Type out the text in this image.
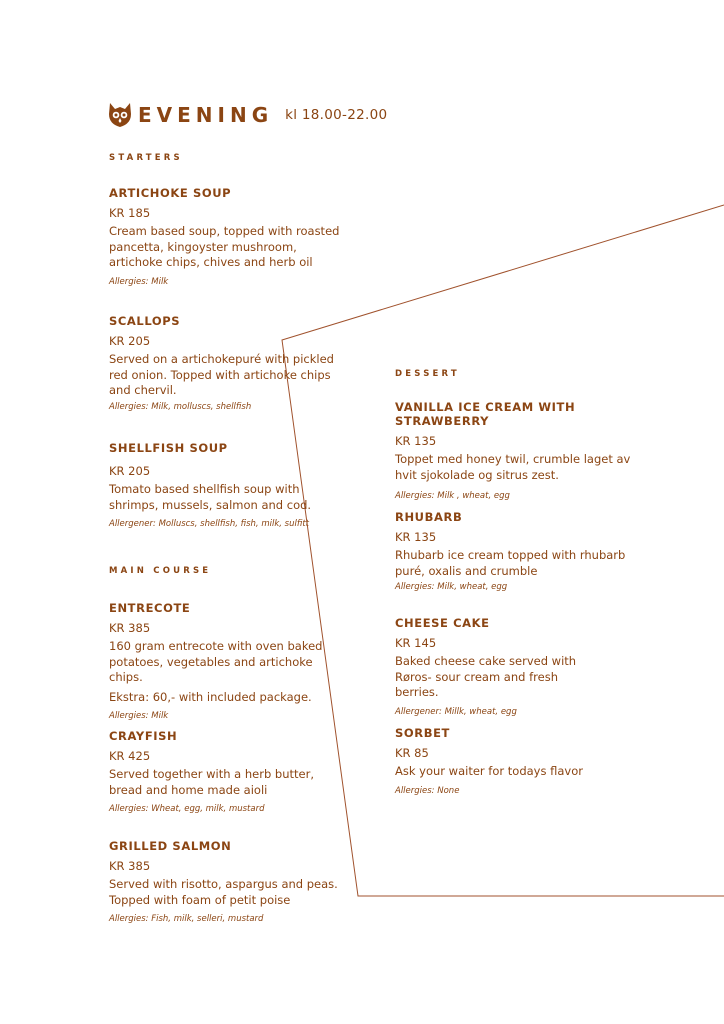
EVENING kl 18.00-22.00
STARTERS
ARTICHOKE SOUP
KR 185
Cream based soup, topped with roasted pancetta, kingoyster mushroom, artichoke chips, chives and herb oil
Allergies: Milk
SCALLOPS
KR 205
Served on a artichokepuré with pickled red onion. Topped with artichoke chips and chervil.
Allergies: Milk, molluscs, shellfish
SHELLFISH SOUP
KR 205
Tomato based shellfish soup with shrimps, mussels, salmon and cod.
Allergener: Molluscs, shellfish, fish, milk, sulfitt
MAIN COURSE
ENTRECOTE
KR 385
160 gram entrecote with oven baked potatoes, vegetables and artichoke chips.
Ekstra: 60,- with included package.
Allergies: Milk
CRAYFISH
KR 425
Served together with a herb butter, bread and home made aioli
Allergies: Wheat, egg, milk, mustard
GRILLED SALMON
KR 385
Served with risotto, aspargus and peas. Topped with foam of petit poise
Allergies: Fish, milk, selleri, mustard
DESSERT
VANILLA ICE CREAM WITH STRAWBERRY
KR 135
Toppet med honey twil, crumble laget av hvit sjokolade og sitrus zest.
Allergies: Milk , wheat, egg
RHUBARB
KR 135
Rhubarb ice cream topped with rhubarb puré, oxalis and crumble
Allergies: Milk, wheat, egg
CHEESE CAKE
KR 145
Baked cheese cake served with Røros- sour cream and fresh berries.
Allergener: Millk, wheat, egg
SORBET
KR 85
Ask your waiter for todays flavor
Allergies: None
